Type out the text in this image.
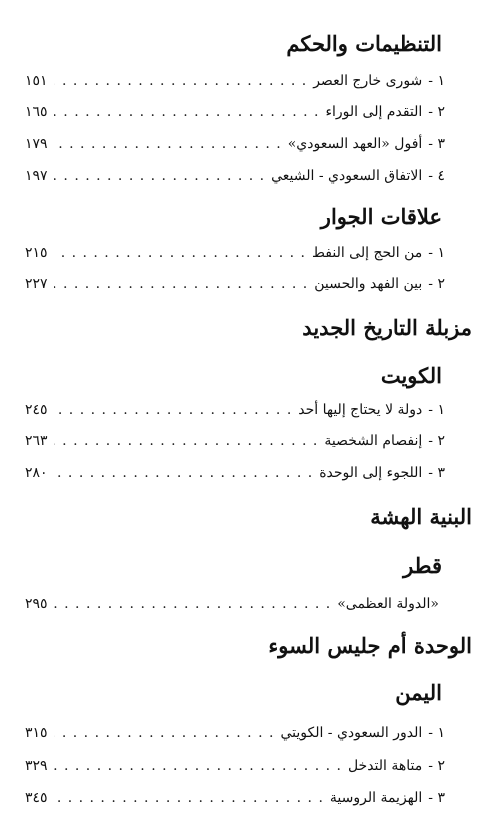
التنظيمات والحكم
١ -
شورى خارج العصر
. . .
١٥١
٢ -
التقدم إلى الوراء
. . .
١٦٥
٣ -
أفول «العهد السعودي»
. . .
١٧٩
٤ -
الاتفاق السعودي - الشيعي
. . .
١٩٧
علاقات الجوار
١ -
من الحج إلى النفط
. . .
٢١٥
٢ -
بين الفهد والحسين
. . .
٢٢٧
مزبلة التاريخ الجديد
الكويت
١ -
دولة لا يحتاج إليها أحد
. . .
٢٤٥
٢ -
إنفصام الشخصية
. . .
٢٦٣
٣ -
اللجوء إلى الوحدة
. . .
٢٨٠
البنية الهشة
قطر
«الدولة العظمى»
. . .
٢٩٥
الوحدة أم جليس السوء
اليمن
١ -
الدور السعودي - الكويتي
. . .
٣١٥
٢ -
متاهة التدخل
. . .
٣٢٩
٣ -
الهزيمة الروسية
. . .
٣٤٥
